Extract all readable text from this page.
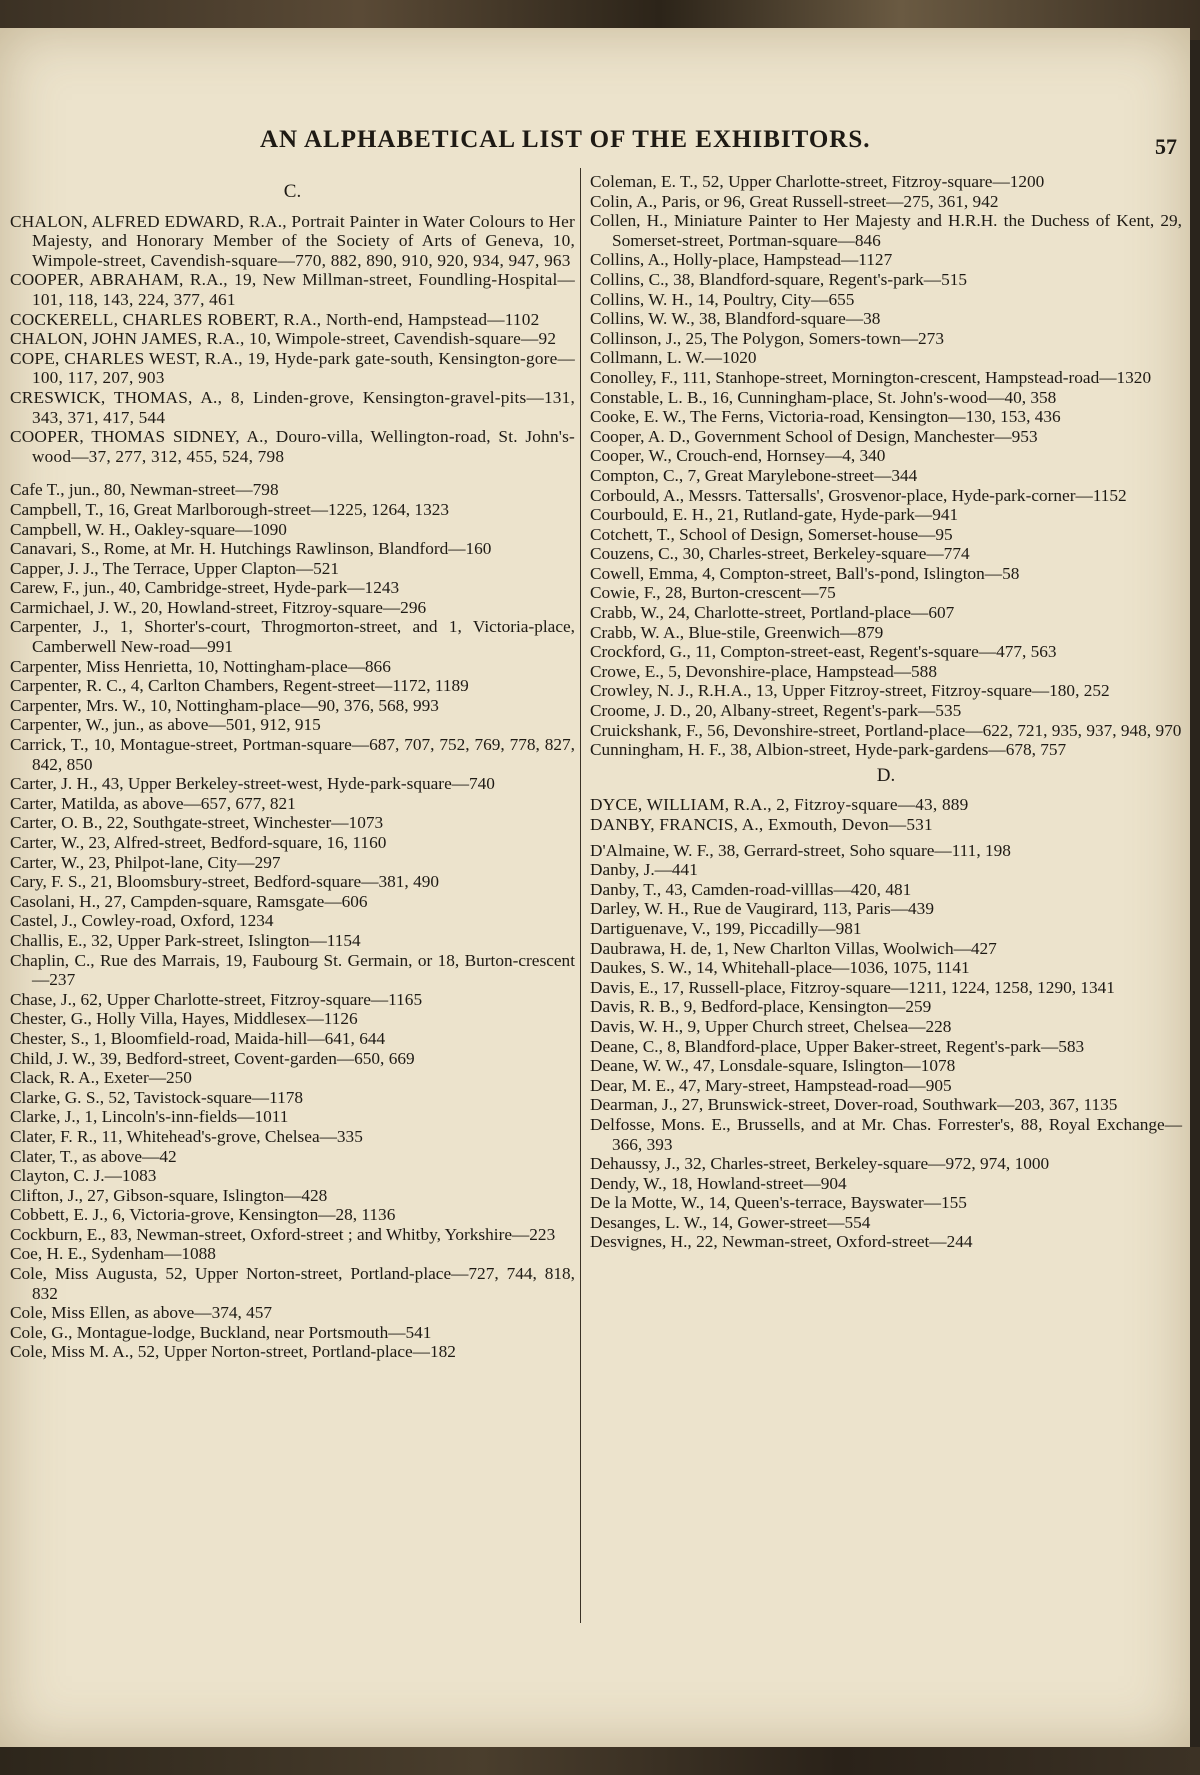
AN ALPHABETICAL LIST OF THE EXHIBITORS.	57
C.
CHALON, ALFRED EDWARD, R.A., Portrait Painter in Water Colours to Her Majesty, and Honorary Member of the Society of Arts of Geneva, 10, Wimpole-street, Cavendish-square—770, 882, 890, 910, 920, 934, 947, 963
COOPER, ABRAHAM, R.A., 19, New Millman-street, Foundling-Hospital—101, 118, 143, 224, 377, 461
COCKERELL, CHARLES ROBERT, R.A., North-end, Hampstead—1102
CHALON, JOHN JAMES, R.A., 10, Wimpole-street, Cavendish-square—92
COPE, CHARLES WEST, R.A., 19, Hyde-park gate-south, Kensington-gore—100, 117, 207, 903
CRESWICK, THOMAS, A., 8, Linden-grove, Kensington-gravel-pits—131, 343, 371, 417, 544
COOPER, THOMAS SIDNEY, A., Douro-villa, Wellington-road, St. John's-wood—37, 277, 312, 455, 524, 798
Cafe T., jun., 80, Newman-street—798
Campbell, T., 16, Great Marlborough-street—1225, 1264, 1323
Campbell, W. H., Oakley-square—1090
Canavari, S., Rome, at Mr. H. Hutchings Rawlinson, Blandford—160
Capper, J. J., The Terrace, Upper Clapton—521
Carew, F., jun., 40, Cambridge-street, Hyde-park—1243
Carmichael, J. W., 20, Howland-street, Fitzroy-square—296
Carpenter, J., 1, Shorter's-court, Throgmorton-street, and 1, Victoria-place, Camberwell New-road—991
Carpenter, Miss Henrietta, 10, Nottingham-place—866
Carpenter, R. C., 4, Carlton Chambers, Regent-street—1172, 1189
Carpenter, Mrs. W., 10, Nottingham-place—90, 376, 568, 993
Carpenter, W., jun., as above—501, 912, 915
Carrick, T., 10, Montague-street, Portman-square—687, 707, 752, 769, 778, 827, 842, 850
Carter, J. H., 43, Upper Berkeley-street-west, Hyde-park-square—740
Carter, Matilda, as above—657, 677, 821
Carter, O. B., 22, Southgate-street, Winchester—1073
Carter, W., 23, Alfred-street, Bedford-square, 16, 1160
Carter, W., 23, Philpot-lane, City—297
Cary, F. S., 21, Bloomsbury-street, Bedford-square—381, 490
Casolani, H., 27, Campden-square, Ramsgate—606
Castel, J., Cowley-road, Oxford, 1234
Challis, E., 32, Upper Park-street, Islington—1154
Chaplin, C., Rue des Marrais, 19, Faubourg St. Germain, or 18, Burton-crescent—237
Chase, J., 62, Upper Charlotte-street, Fitzroy-square—1165
Chester, G., Holly Villa, Hayes, Middlesex—1126
Chester, S., 1, Bloomfield-road, Maida-hill—641, 644
Child, J. W., 39, Bedford-street, Covent-garden—650, 669
Clack, R. A., Exeter—250
Clarke, G. S., 52, Tavistock-square—1178
Clarke, J., 1, Lincoln's-inn-fields—1011
Clater, F. R., 11, Whitehead's-grove, Chelsea—335
Clater, T., as above—42
Clayton, C. J.—1083
Clifton, J., 27, Gibson-square, Islington—428
Cobbett, E. J., 6, Victoria-grove, Kensington—28, 1136
Cockburn, E., 83, Newman-street, Oxford-street ; and Whitby, Yorkshire—223
Coe, H. E., Sydenham—1088
Cole, Miss Augusta, 52, Upper Norton-street, Portland-place—727, 744, 818, 832
Cole, Miss Ellen, as above—374, 457
Cole, G., Montague-lodge, Buckland, near Portsmouth—541
Cole, Miss M. A., 52, Upper Norton-street, Portland-place—182
Coleman, E. T., 52, Upper Charlotte-street, Fitzroy-square—1200
Colin, A., Paris, or 96, Great Russell-street—275, 361, 942
Collen, H., Miniature Painter to Her Majesty and H.R.H. the Duchess of Kent, 29, Somerset-street, Portman-square—846
Collins, A., Holly-place, Hampstead—1127
Collins, C., 38, Blandford-square, Regent's-park—515
Collins, W. H., 14, Poultry, City—655
Collins, W. W., 38, Blandford-square—38
Collinson, J., 25, The Polygon, Somers-town—273
Collmann, L. W.—1020
Conolley, F., 111, Stanhope-street, Mornington-crescent, Hampstead-road—1320
Constable, L. B., 16, Cunningham-place, St. John's-wood—40, 358
Cooke, E. W., The Ferns, Victoria-road, Kensington—130, 153, 436
Cooper, A. D., Government School of Design, Manchester—953
Cooper, W., Crouch-end, Hornsey—4, 340
Compton, C., 7, Great Marylebone-street—344
Corbould, A., Messrs. Tattersalls', Grosvenor-place, Hyde-park-corner—1152
Courbould, E. H., 21, Rutland-gate, Hyde-park—941
Cotchett, T., School of Design, Somerset-house—95
Couzens, C., 30, Charles-street, Berkeley-square—774
Cowell, Emma, 4, Compton-street, Ball's-pond, Islington—58
Cowie, F., 28, Burton-crescent—75
Crabb, W., 24, Charlotte-street, Portland-place—607
Crabb, W. A., Blue-stile, Greenwich—879
Crockford, G., 11, Compton-street-east, Regent's-square—477, 563
Crowe, E., 5, Devonshire-place, Hampstead—588
Crowley, N. J., R.H.A., 13, Upper Fitzroy-street, Fitzroy-square—180, 252
Croome, J. D., 20, Albany-street, Regent's-park—535
Cruickshank, F., 56, Devonshire-street, Portland-place—622, 721, 935, 937, 948, 970
Cunningham, H. F., 38, Albion-street, Hyde-park-gardens—678, 757
D.
DYCE, WILLIAM, R.A., 2, Fitzroy-square—43, 889
DANBY, FRANCIS, A., Exmouth, Devon—531
D'Almaine, W. F., 38, Gerrard-street, Soho square—111, 198
Danby, J.—441
Danby, T., 43, Camden-road-villlas—420, 481
Darley, W. H., Rue de Vaugirard, 113, Paris—439
Dartiguenave, V., 199, Piccadilly—981
Daubrawa, H. de, 1, New Charlton Villas, Woolwich—427
Daukes, S. W., 14, Whitehall-place—1036, 1075, 1141
Davis, E., 17, Russell-place, Fitzroy-square—1211, 1224, 1258, 1290, 1341
Davis, R. B., 9, Bedford-place, Kensington—259
Davis, W. H., 9, Upper Church street, Chelsea—228
Deane, C., 8, Blandford-place, Upper Baker-street, Regent's-park—583
Deane, W. W., 47, Lonsdale-square, Islington—1078
Dear, M. E., 47, Mary-street, Hampstead-road—905
Dearman, J., 27, Brunswick-street, Dover-road, Southwark—203, 367, 1135
Delfosse, Mons. E., Brussells, and at Mr. Chas. Forrester's, 88, Royal Exchange—366, 393
Dehaussy, J., 32, Charles-street, Berkeley-square—972, 974, 1000
Dendy, W., 18, Howland-street—904
De la Motte, W., 14, Queen's-terrace, Bayswater—155
Desanges, L. W., 14, Gower-street—554
Desvignes, H., 22, Newman-street, Oxford-street—244
